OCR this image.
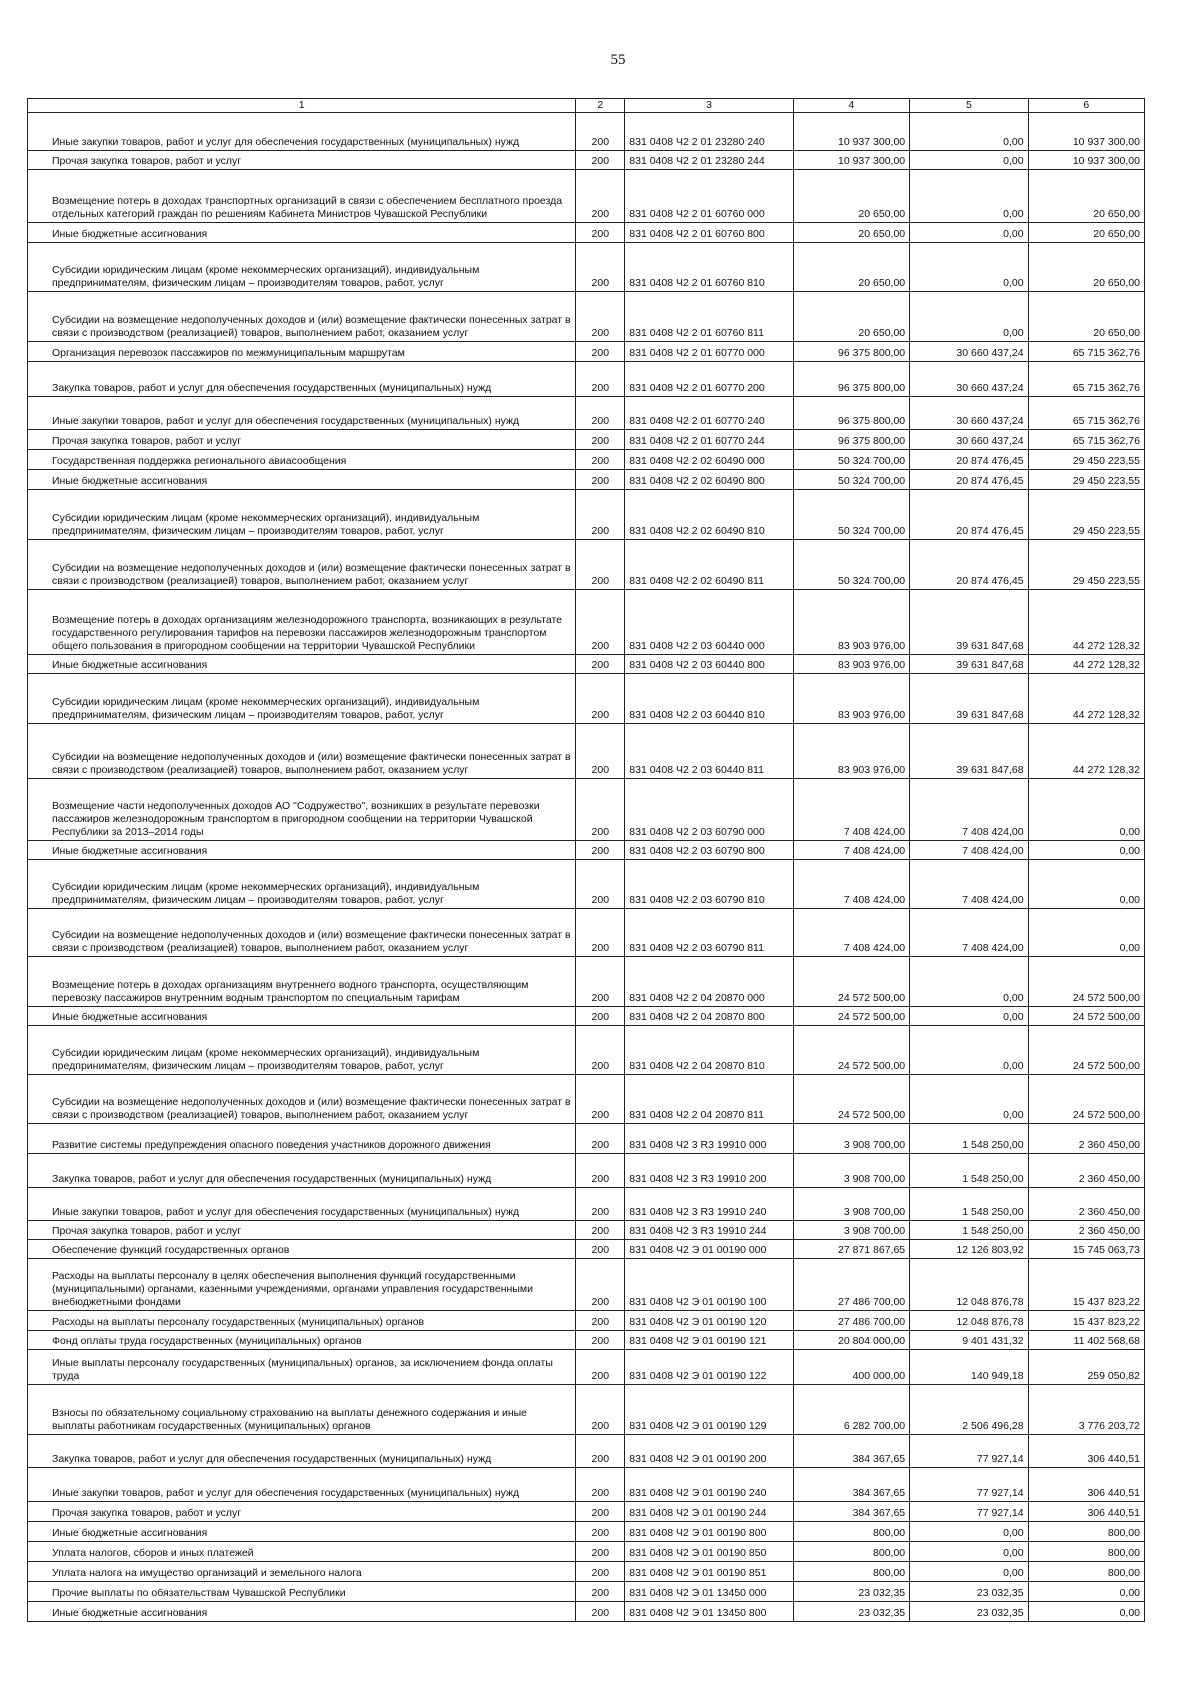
55
1	2	3	4	5	6
Иные закупки товаров, работ и услуг для обеспечения государственных (муниципальных) нужд	200	831 0408 Ч2 2 01 23280 240	10 937 300,00	0,00	10 937 300,00
Прочая закупка товаров, работ и услуг	200	831 0408 Ч2 2 01 23280 244	10 937 300,00	0,00	10 937 300,00
Возмещение потерь в доходах транспортных организаций в связи с обеспечением бесплатного проезда отдельных категорий граждан по решениям Кабинета Министров Чувашской Республики	200	831 0408 Ч2 2 01 60760 000	20 650,00	0,00	20 650,00
Иные бюджетные ассигнования	200	831 0408 Ч2 2 01 60760 800	20 650,00	0,00	20 650,00
Субсидии юридическим лицам (кроме некоммерческих организаций), индивидуальным предпринимателям, физическим лицам – производителям товаров, работ, услуг	200	831 0408 Ч2 2 01 60760 810	20 650,00	0,00	20 650,00
Субсидии на возмещение недополученных доходов и (или) возмещение фактически понесенных затрат в связи с производством (реализацией) товаров, выполнением работ, оказанием услуг	200	831 0408 Ч2 2 01 60760 811	20 650,00	0,00	20 650,00
Организация перевозок пассажиров по межмуниципальным маршрутам	200	831 0408 Ч2 2 01 60770 000	96 375 800,00	30 660 437,24	65 715 362,76
Закупка товаров, работ и услуг для обеспечения государственных (муниципальных) нужд	200	831 0408 Ч2 2 01 60770 200	96 375 800,00	30 660 437,24	65 715 362,76
Иные закупки товаров, работ и услуг для обеспечения государственных (муниципальных) нужд	200	831 0408 Ч2 2 01 60770 240	96 375 800,00	30 660 437,24	65 715 362,76
Прочая закупка товаров, работ и услуг	200	831 0408 Ч2 2 01 60770 244	96 375 800,00	30 660 437,24	65 715 362,76
Государственная поддержка регионального авиасообщения	200	831 0408 Ч2 2 02 60490 000	50 324 700,00	20 874 476,45	29 450 223,55
Иные бюджетные ассигнования	200	831 0408 Ч2 2 02 60490 800	50 324 700,00	20 874 476,45	29 450 223,55
Субсидии юридическим лицам (кроме некоммерческих организаций), индивидуальным предпринимателям, физическим лицам – производителям товаров, работ, услуг	200	831 0408 Ч2 2 02 60490 810	50 324 700,00	20 874 476,45	29 450 223,55
Субсидии на возмещение недополученных доходов и (или) возмещение фактически понесенных затрат в связи с производством (реализацией) товаров, выполнением работ, оказанием услуг	200	831 0408 Ч2 2 02 60490 811	50 324 700,00	20 874 476,45	29 450 223,55
Возмещение потерь в доходах организациям железнодорожного транспорта, возникающих в результате государственного регулирования тарифов на перевозки пассажиров железнодорожным транспортом общего пользования в пригородном сообщении на территории Чувашской Республики	200	831 0408 Ч2 2 03 60440 000	83 903 976,00	39 631 847,68	44 272 128,32
Иные бюджетные ассигнования	200	831 0408 Ч2 2 03 60440 800	83 903 976,00	39 631 847,68	44 272 128,32
Субсидии юридическим лицам (кроме некоммерческих организаций), индивидуальным предпринимателям, физическим лицам – производителям товаров, работ, услуг	200	831 0408 Ч2 2 03 60440 810	83 903 976,00	39 631 847,68	44 272 128,32
Субсидии на возмещение недополученных доходов и (или) возмещение фактически понесенных затрат в связи с производством (реализацией) товаров, выполнением работ, оказанием услуг	200	831 0408 Ч2 2 03 60440 811	83 903 976,00	39 631 847,68	44 272 128,32
Возмещение части недополученных доходов АО "Содружество", возникших в результате перевозки пассажиров железнодорожным транспортом в пригородном сообщении на территории Чувашской Республики за 2013–2014 годы	200	831 0408 Ч2 2 03 60790 000	7 408 424,00	7 408 424,00	0,00
Иные бюджетные ассигнования	200	831 0408 Ч2 2 03 60790 800	7 408 424,00	7 408 424,00	0,00
Субсидии юридическим лицам (кроме некоммерческих организаций), индивидуальным предпринимателям, физическим лицам – производителям товаров, работ, услуг	200	831 0408 Ч2 2 03 60790 810	7 408 424,00	7 408 424,00	0,00
Субсидии на возмещение недополученных доходов и (или) возмещение фактически понесенных затрат в связи с производством (реализацией) товаров, выполнением работ, оказанием услуг	200	831 0408 Ч2 2 03 60790 811	7 408 424,00	7 408 424,00	0,00
Возмещение потерь в доходах организациям внутреннего водного транспорта, осуществляющим перевозку пассажиров внутренним водным транспортом по специальным тарифам	200	831 0408 Ч2 2 04 20870 000	24 572 500,00	0,00	24 572 500,00
Иные бюджетные ассигнования	200	831 0408 Ч2 2 04 20870 800	24 572 500,00	0,00	24 572 500,00
Субсидии юридическим лицам (кроме некоммерческих организаций), индивидуальным предпринимателям, физическим лицам – производителям товаров, работ, услуг	200	831 0408 Ч2 2 04 20870 810	24 572 500,00	0,00	24 572 500,00
Субсидии на возмещение недополученных доходов и (или) возмещение фактически понесенных затрат в связи с производством (реализацией) товаров, выполнением работ, оказанием услуг	200	831 0408 Ч2 2 04 20870 811	24 572 500,00	0,00	24 572 500,00
Развитие системы предупреждения опасного поведения участников дорожного движения	200	831 0408 Ч2 3 R3 19910 000	3 908 700,00	1 548 250,00	2 360 450,00
Закупка товаров, работ и услуг для обеспечения государственных (муниципальных) нужд	200	831 0408 Ч2 3 R3 19910 200	3 908 700,00	1 548 250,00	2 360 450,00
Иные закупки товаров, работ и услуг для обеспечения государственных (муниципальных) нужд	200	831 0408 Ч2 3 R3 19910 240	3 908 700,00	1 548 250,00	2 360 450,00
Прочая закупка товаров, работ и услуг	200	831 0408 Ч2 3 R3 19910 244	3 908 700,00	1 548 250,00	2 360 450,00
Обеспечение функций государственных органов	200	831 0408 Ч2 Э 01 00190 000	27 871 867,65	12 126 803,92	15 745 063,73
Расходы на выплаты персоналу в целях обеспечения выполнения функций государственными (муниципальными) органами, казенными учреждениями, органами управления государственными внебюджетными фондами	200	831 0408 Ч2 Э 01 00190 100	27 486 700,00	12 048 876,78	15 437 823,22
Расходы на выплаты персоналу государственных (муниципальных) органов	200	831 0408 Ч2 Э 01 00190 120	27 486 700,00	12 048 876,78	15 437 823,22
Фонд оплаты труда государственных (муниципальных) органов	200	831 0408 Ч2 Э 01 00190 121	20 804 000,00	9 401 431,32	11 402 568,68
Иные выплаты персоналу государственных (муниципальных) органов, за исключением фонда оплаты труда	200	831 0408 Ч2 Э 01 00190 122	400 000,00	140 949,18	259 050,82
Взносы по обязательному социальному страхованию на выплаты денежного содержания и иные выплаты работникам государственных (муниципальных) органов	200	831 0408 Ч2 Э 01 00190 129	6 282 700,00	2 506 496,28	3 776 203,72
Закупка товаров, работ и услуг для обеспечения государственных (муниципальных) нужд	200	831 0408 Ч2 Э 01 00190 200	384 367,65	77 927,14	306 440,51
Иные закупки товаров, работ и услуг для обеспечения государственных (муниципальных) нужд	200	831 0408 Ч2 Э 01 00190 240	384 367,65	77 927,14	306 440,51
Прочая закупка товаров, работ и услуг	200	831 0408 Ч2 Э 01 00190 244	384 367,65	77 927,14	306 440,51
Иные бюджетные ассигнования	200	831 0408 Ч2 Э 01 00190 800	800,00	0,00	800,00
Уплата налогов, сборов и иных платежей	200	831 0408 Ч2 Э 01 00190 850	800,00	0,00	800,00
Уплата налога на имущество организаций и земельного налога	200	831 0408 Ч2 Э 01 00190 851	800,00	0,00	800,00
Прочие выплаты по обязательствам Чувашской Республики	200	831 0408 Ч2 Э 01 13450 000	23 032,35	23 032,35	0,00
Иные бюджетные ассигнования	200	831 0408 Ч2 Э 01 13450 800	23 032,35	23 032,35	0,00
